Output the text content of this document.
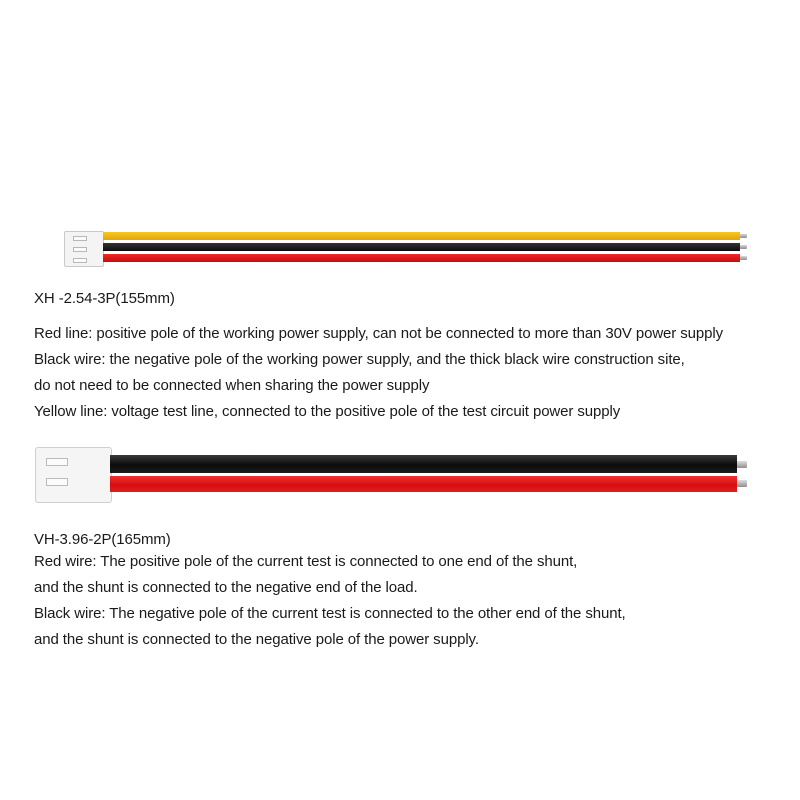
XH -2.54-3P(155mm)
Red line: positive pole of the working power supply, can not be connected to more than 30V power supply
Black wire: the negative pole of the working power supply, and the thick black wire construction site,
do not need to be connected when sharing the power supply
Yellow line: voltage test line, connected to the positive pole of the test circuit power supply
VH-3.96-2P(165mm)
Red wire: The positive pole of the current test is connected to one end of the shunt,
and the shunt is connected to the negative end of the load.
Black wire: The negative pole of the current test is connected to the other end of the shunt,
and the shunt is connected to the negative pole of the power supply.
